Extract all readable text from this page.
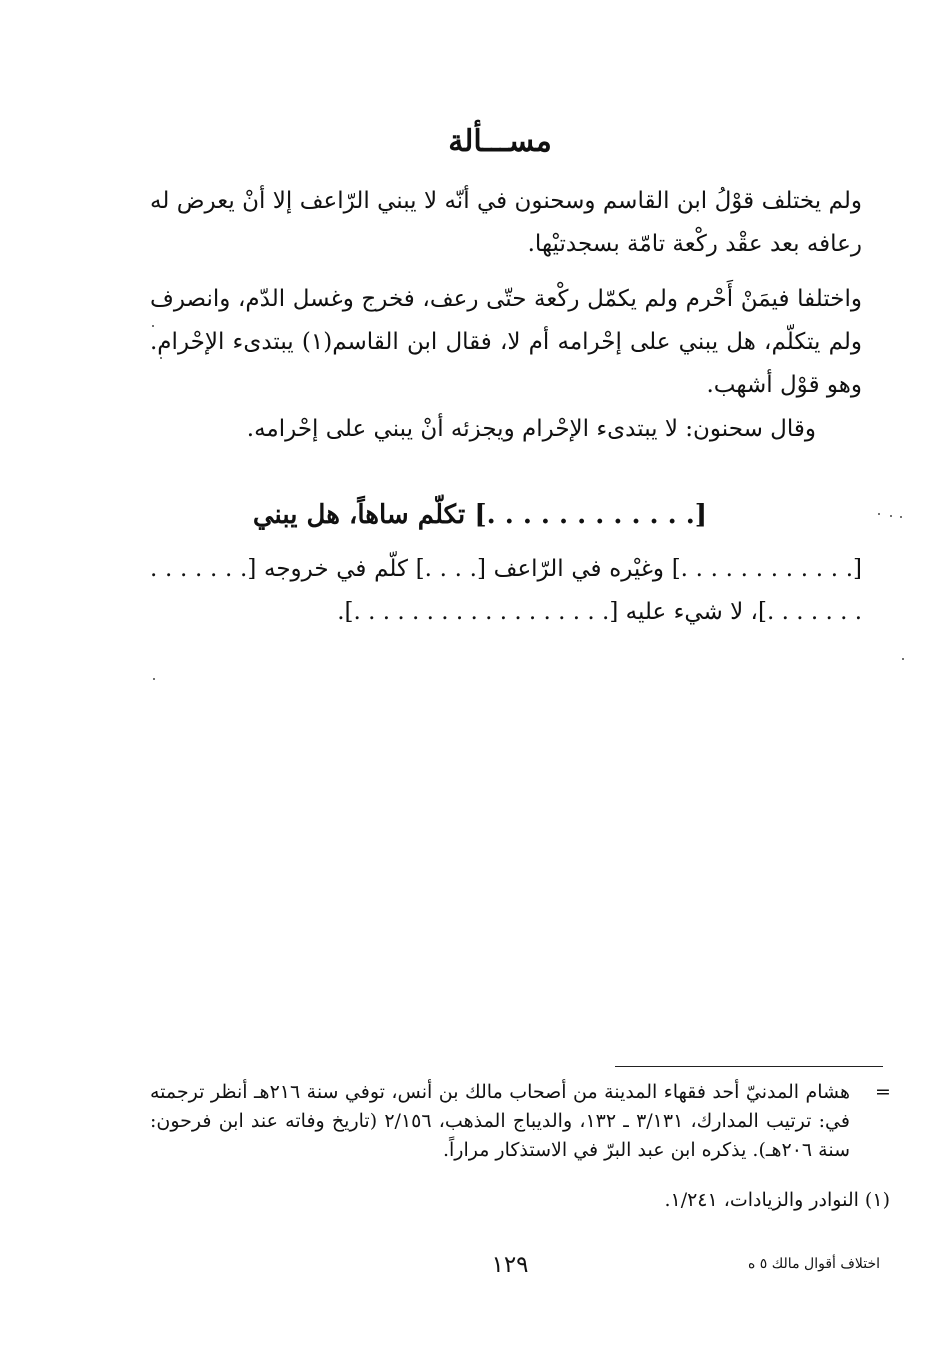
مســـألة
ولم يختلف قوْلُ ابن القاسم وسحنون في أنّه لا يبني الرّاعف إلا أنْ يعرض له رعافه بعد عقْد ركْعة تامّة بسجدتيْها.
واختلفا فيمَنْ أَحْرم ولم يكمّل ركْعة حتّى رعف، فخرج وغسل الدّم، وانصرف ولم يتكلّم، هل يبني على إحْرامه أم لا، فقال ابن القاسم(١) يبتدىء الإحْرام. وهو قوْل أشهب.
وقال سحنون: لا يبتدىء الإحْرام ويجزئه أنْ يبني على إحْرامه.
[. . . . . . . . . . . .] تكلّم ساهاً، هل يبني
[. . . . . . . . . . . .] وغيْره في الرّاعف [. . . .] كلّم في خروجه [. . . . . . . . . . . . . .]، لا شيء عليه [. . . . . . . . . . . . . . . . . .].
=
هشام المدنيّ أحد فقهاء المدينة من أصحاب مالك بن أنس، توفي سنة ٢١٦هـ أنظر ترجمته في: ترتيب المدارك، ٣/١٣١ ـ ١٣٢، والديباج المذهب، ٢/١٥٦ (تاريخ وفاته عند ابن فرحون: سنة ٢٠٦هـ). يذكره ابن عبد البرّ في الاستذكار مراراً.
(١) النوادر والزيادات، ١/٢٤١.
١٢٩	اختلاف أقوال مالك ٥ ه
